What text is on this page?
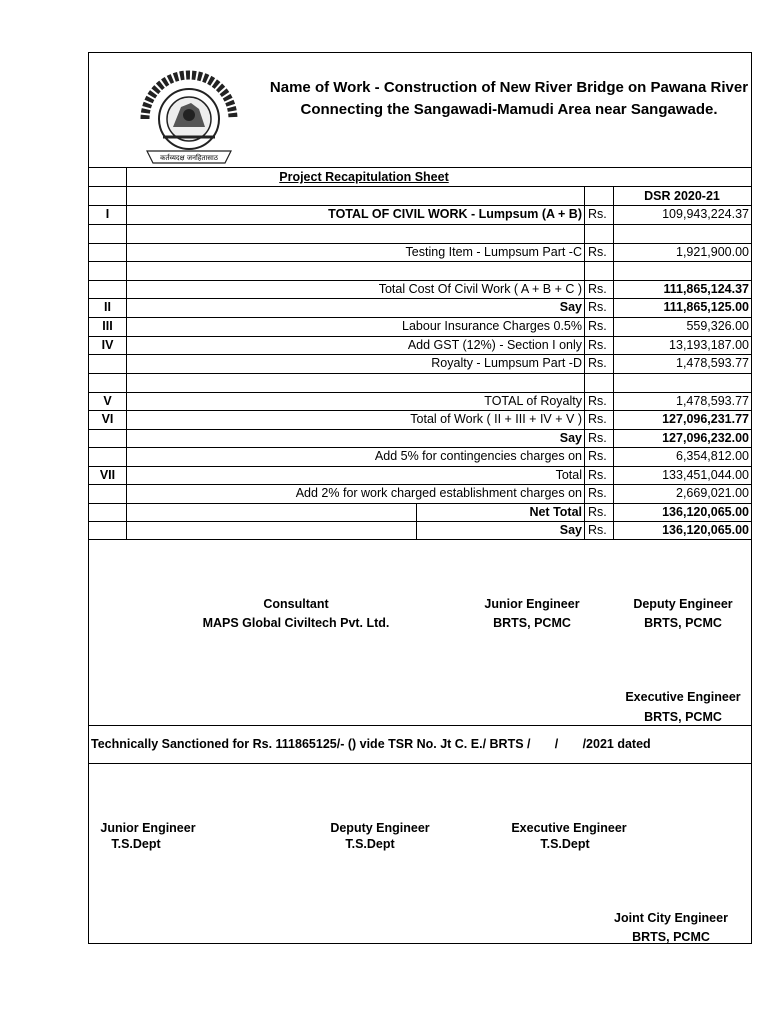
कर्तव्यदक्ष जनहितासाठ
Name of Work - Construction of New River Bridge on Pawana River Connecting the Sangawadi-Mamudi Area near Sangawade.
Project Recapitulation Sheet
DSR 2020-21
I	TOTAL OF CIVIL WORK - Lumpsum (A + B) Rs.	109,943,224.37
Testing Item - Lumpsum Part -C Rs.	1,921,900.00
Total Cost Of Civil Work ( A + B + C ) Rs.	111,865,124.37
II	Say Rs.	111,865,125.00
III	Labour Insurance Charges 0.5% Rs.	559,326.00
IV	Add GST (12%) - Section I only Rs.	13,193,187.00
Royalty - Lumpsum Part -D Rs.	1,478,593.77
V	TOTAL of Royalty Rs.	1,478,593.77
VI	Total of Work ( II + III + IV + V ) Rs.	127,096,231.77
Say Rs.	127,096,232.00
Add 5% for contingencies charges on Rs.	6,354,812.00
VII	Total Rs.	133,451,044.00
Add 2% for work charged establishment charges on Rs.	2,669,021.00
Net Total Rs.	136,120,065.00
Say Rs.	136,120,065.00
Consultant
MAPS Global Civiltech Pvt. Ltd.
Junior Engineer
BRTS, PCMC
Deputy Engineer
BRTS, PCMC
Executive Engineer
BRTS, PCMC
Technically Sanctioned for Rs. 111865125/- () vide TSR No. Jt C. E./ BRTS /       /       /2021 dated
Junior Engineer
T.S.Dept
Deputy Engineer
T.S.Dept
Executive Engineer
T.S.Dept
Joint City Engineer
BRTS, PCMC
